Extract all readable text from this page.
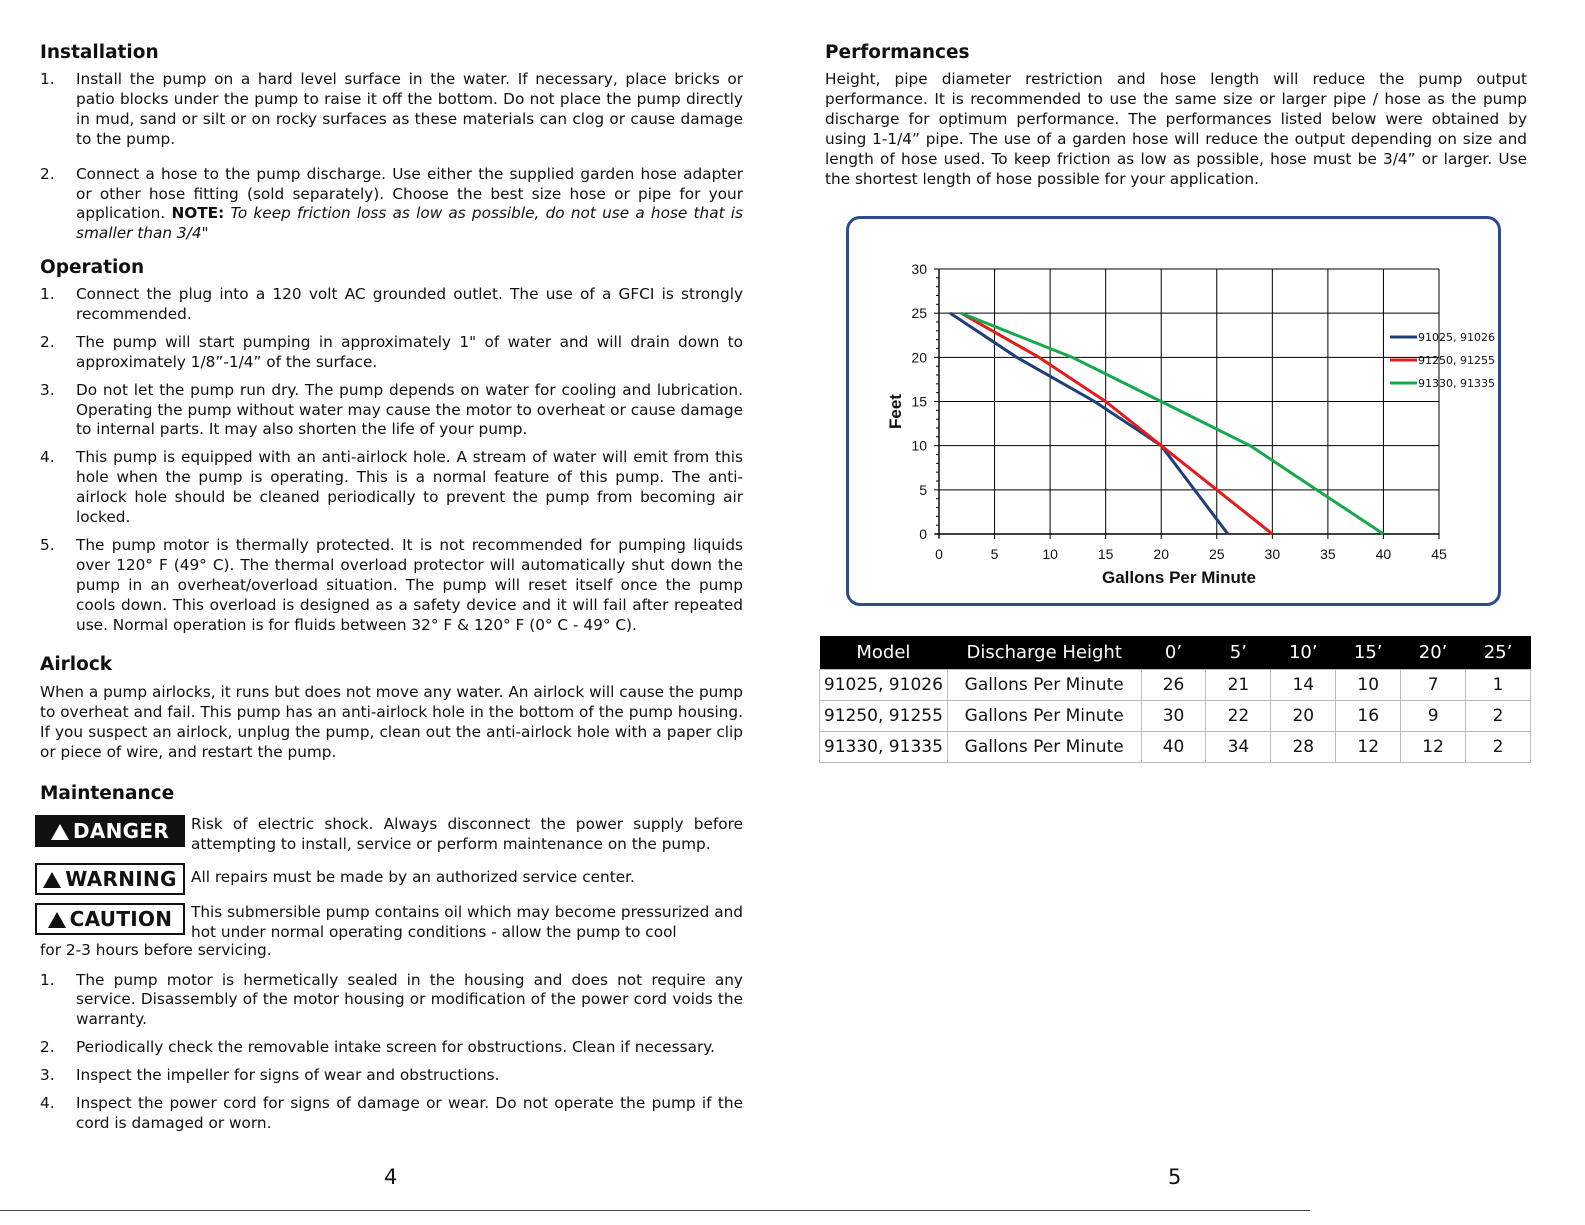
Installation
1. Install the pump on a hard level surface in the water. If necessary, place bricks or patio blocks under the pump to raise it off the bottom. Do not place the pump directly in mud, sand or silt or on rocky surfaces as these materials can clog or cause damage to the pump.
2. Connect a hose to the pump discharge. Use either the supplied garden hose adapter or other hose fitting (sold separately). Choose the best size hose or pipe for your application. NOTE: To keep friction loss as low as possible, do not use a hose that is smaller than 3/4"
Operation
1. Connect the plug into a 120 volt AC grounded outlet. The use of a GFCI is strongly recommended.
2. The pump will start pumping in approximately 1" of water and will drain down to approximately 1/8”-1/4” of the surface.
3. Do not let the pump run dry. The pump depends on water for cooling and lubrication. Operating the pump without water may cause the motor to overheat or cause damage to internal parts. It may also shorten the life of your pump.
4. This pump is equipped with an anti-airlock hole. A stream of water will emit from this hole when the pump is operating. This is a normal feature of this pump. The anti-airlock hole should be cleaned periodically to prevent the pump from becoming air locked.
5. The pump motor is thermally protected. It is not recommended for pumping liquids over 120° F (49° C). The thermal overload protector will automatically shut down the pump in an overheat/overload situation. The pump will reset itself once the pump cools down. This overload is designed as a safety device and it will fail after repeated use. Normal operation is for fluids between 32° F & 120° F (0° C - 49° C).
Airlock

When a pump airlocks, it runs but does not move any water. An airlock will cause the pump to overheat and fail. This pump has an anti-airlock hole in the bottom of the pump housing. If you suspect an airlock, unplug the pump, clean out the anti-airlock hole with a paper clip or piece of wire, and restart the pump.

Maintenance
DANGER Risk of electric shock. Always disconnect the power supply before attempting to install, service or perform maintenance on the pump.
WARNING All repairs must be made by an authorized service center.
CAUTION This submersible pump contains oil which may become pressurized and hot under normal operating conditions - allow the pump to cool

for 2-3 hours before servicing.

1. The pump motor is hermetically sealed in the housing and does not require any service. Disassembly of the motor housing or modification of the power cord voids the warranty.
2. Periodically check the removable intake screen for obstructions. Clean if necessary.
3. Inspect the impeller for signs of wear and obstructions.
4. Inspect the power cord for signs of damage or wear. Do not operate the pump if the cord is damaged or worn.
4
Performances

Height, pipe diameter restriction and hose length will reduce the pump output performance. It is recommended to use the same size or larger pipe / hose as the pump discharge for optimum performance. The performances listed below were obtained by using 1-1/4” pipe. The use of a garden hose will reduce the output depending on size and length of hose used. To keep friction as low as possible, hose must be 3/4” or larger. Use the shortest length of hose possible for your application.

0	5	10	15	20	25	30	35	40	45
0
5
10
15
20
25
30
Gallons Per Minute
Feet
91025, 91026
91250, 91255
91330, 91335
Model	Discharge Height	0’	5’	10’	15’	20’	25’
91025, 91026	Gallons Per Minute	26	21	14	10	7	1
91250, 91255	Gallons Per Minute	30	22	20	16	9	2
91330, 91335	Gallons Per Minute	40	34	28	12	12	2
5
